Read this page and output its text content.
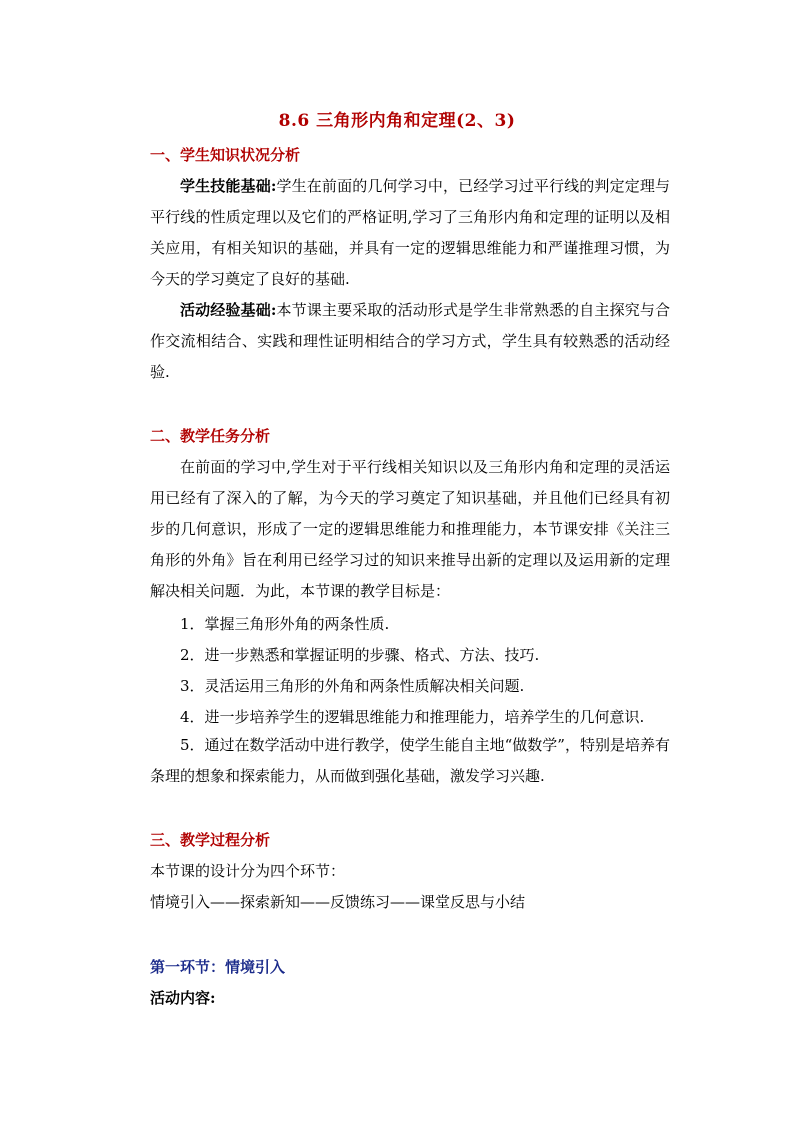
8.6 三角形内角和定理(2、3)
一、学生知识状况分析
学生技能基础:学生在前面的几何学习中，已经学习过平行线的判定定理与平行线的性质定理以及它们的严格证明,学习了三角形内角和定理的证明以及相关应用，有相关知识的基础，并具有一定的逻辑思维能力和严谨推理习惯，为今天的学习奠定了良好的基础.
活动经验基础:本节课主要采取的活动形式是学生非常熟悉的自主探究与合作交流相结合、实践和理性证明相结合的学习方式，学生具有较熟悉的活动经验.
二、教学任务分析
在前面的学习中,学生对于平行线相关知识以及三角形内角和定理的灵活运用已经有了深入的了解，为今天的学习奠定了知识基础，并且他们已经具有初步的几何意识，形成了一定的逻辑思维能力和推理能力，本节课安排《关注三角形的外角》旨在利用已经学习过的知识来推导出新的定理以及运用新的定理解决相关问题．为此，本节课的教学目标是：
1．掌握三角形外角的两条性质.
2．进一步熟悉和掌握证明的步骤、格式、方法、技巧.
3．灵活运用三角形的外角和两条性质解决相关问题.
4．进一步培养学生的逻辑思维能力和推理能力，培养学生的几何意识.
5．通过在数学活动中进行教学，使学生能自主地“做数学”，特别是培养有条理的想象和探索能力，从而做到强化基础，激发学习兴趣.
三、教学过程分析
本节课的设计分为四个环节：
情境引入——探索新知——反馈练习——课堂反思与小结
第一环节：情境引入
活动内容:
